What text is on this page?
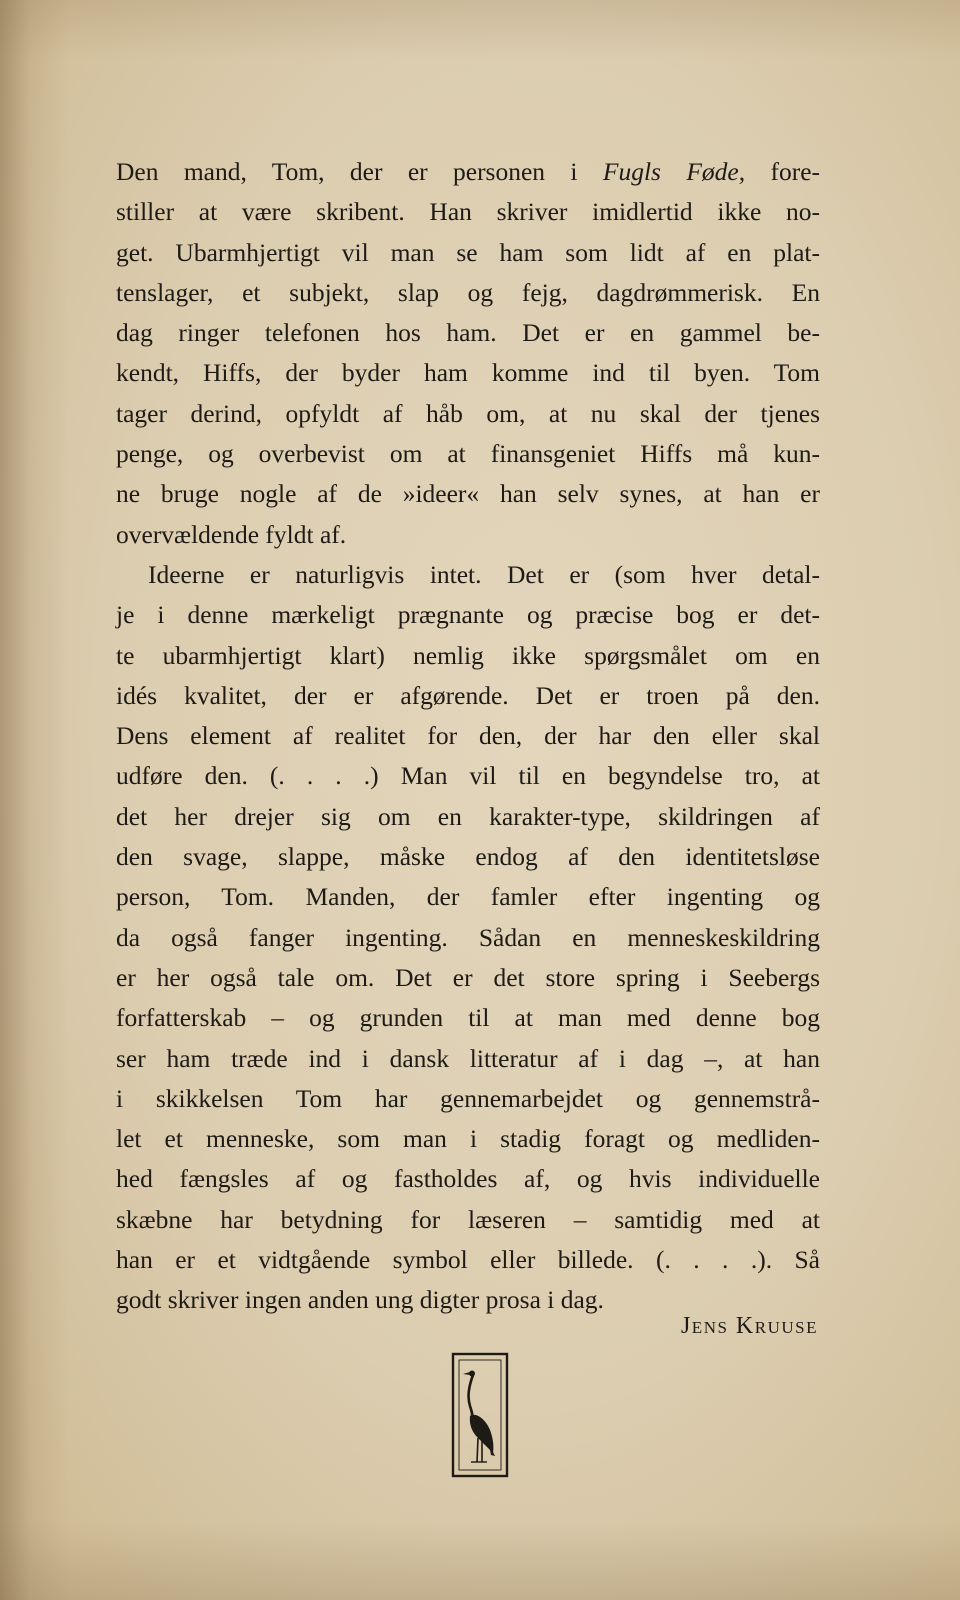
Den mand, Tom, der er personen i Fugls Føde, fore-
stiller at være skribent. Han skriver imidlertid ikke no-
get. Ubarmhjertigt vil man se ham som lidt af en plat-
tenslager, et subjekt, slap og fejg, dagdrømmerisk. En
dag ringer telefonen hos ham. Det er en gammel be-
kendt, Hiffs, der byder ham komme ind til byen. Tom
tager derind, opfyldt af håb om, at nu skal der tjenes
penge, og overbevist om at finansgeniet Hiffs må kun-
ne bruge nogle af de »ideer« han selv synes, at han er
overvældende fyldt af.
Ideerne er naturligvis intet. Det er (som hver detal-
je i denne mærkeligt prægnante og præcise bog er det-
te ubarmhjertigt klart) nemlig ikke spørgsmålet om en
idés kvalitet, der er afgørende. Det er troen på den.
Dens element af realitet for den, der har den eller skal
udføre den. (. . . .) Man vil til en begyndelse tro, at
det her drejer sig om en karakter-type, skildringen af
den svage, slappe, måske endog af den identitetsløse
person, Tom. Manden, der famler efter ingenting og
da også fanger ingenting. Sådan en menneskeskildring
er her også tale om. Det er det store spring i Seebergs
forfatterskab – og grunden til at man med denne bog
ser ham træde ind i dansk litteratur af i dag –, at han
i skikkelsen Tom har gennemarbejdet og gennemstrå-
let et menneske, som man i stadig foragt og medliden-
hed fængsles af og fastholdes af, og hvis individuelle
skæbne har betydning for læseren – samtidig med at
han er et vidtgående symbol eller billede. (. . . .). Så
godt skriver ingen anden ung digter prosa i dag.
Jens Kruuse
